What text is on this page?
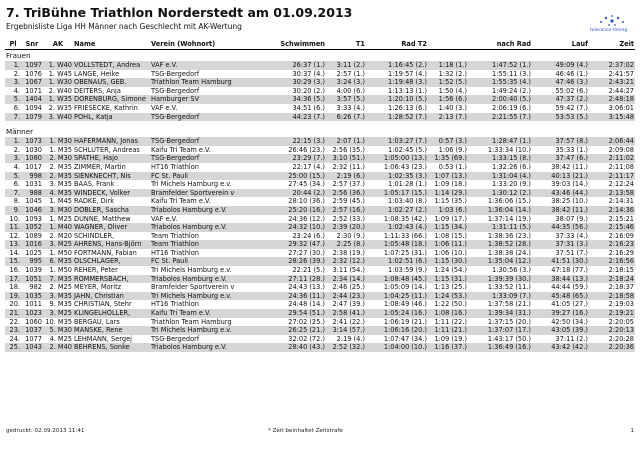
7. TriBühne Triathlon Norderstedt am 01.09.2013
Ergebnisliste Liga HH Männer nach Geschlecht mit AK-Wertung	tolerance-timing
Pl	Snr	AK	Name	Verein (Wohnort)	Schwimmen	T1	Rad T2		nach Rad	Lauf	Zeit
Frauen											
1.	1097	1. W40	VOLLSTEDT, Andrea	VAF e.V.	26:37 (1.)	3:11 (2.)	1:16:45 (2.)	1:18 (1.)	1:47:52 (1.)	49:09 (4.)	2:37:02
2.	1076	1. W45	LANGE, Heike	TSG-Bergedorf	30:37 (4.)	2:57 (1.)	1:19:57 (4.)	1:32 (2.)	1:55:11 (3.)	46:46 (1.)	2:41:57
3.	1067	1. W30	OBENAUS, GEB.	Triathlon Team Hamburg	30:29 (3.)	3:24 (3.)	1:19:48 (3.)	1:52 (5.)	1:55:35 (4.)	47:46 (3.)	2:43:21
4.	1071	2. W40	DEITERS, Anja	TSG-Bergedorf	30:20 (2.)	4:00 (6.)	1:13:13 (1.)	1:50 (4.)	1:49:24 (2.)	55:02 (6.)	2:44:27
5.	1404	1. W35	DORENBURG, Simone	Hamburger SV	34:36 (5.)	3:57 (5.)	1:20:10 (5.)	1:56 (6.)	2:00:40 (5.)	47:37 (2.)	2:48:18
6.	1094	2. W35	FRIESECKE, Kathrin	VAF e.V.	34:51 (6.)	3:33 (4.)	1:26:13 (6.)	1:40 (3.)	2:06:19 (6.)	59:42 (7.)	3:06:01
7.	1079	3. W40	POHL, Katja	TSG-Bergedorf	44:23 (7.)	6:26 (7.)	1:28:52 (7.)	2:13 (7.)	2:21:55 (7.)	53:53 (5.)	3:15:48

Männer											
1.	1073	1. M30	HAFERMANN, Jonas	TSG-Bergedorf	22:15 (3.)	2:07 (1.)	1:03:27 (7.)	0:57 (3.)	1:28:47 (1.)	37:57 (8.)	2:06:44
2.	1030	1. M35	SCHLÜTER, Andreas	Kaifu Tri Team e.V.	26:46 (23.)	2:56 (35.)	1:02:45 (5.)	1:06 (9.)	1:33:34 (10.)	35:33 (1.)	2:09:08
3.	1080	2. M30	SPÄTHE, Hajo	TSG-Bergedorf	23:29 (7.)	3:10 (51.)	1:05:00 (13.)	1:35 (69.)	1:33:15 (8.)	37:47 (6.)	2:11:02
4.	1017	2. M35	ZIMMER, Martin	HT16 Triathlon	22:17 (4.)	2:32 (11.)	1:06:43 (23.)	0:53 (1.)	1:32:26 (6.)	38:42 (11.)	2:11:08
5.	998	2. M35	SIENKNECHT, Nis	FC St. Pauli	25:00 (15.)	2:19 (6.)	1:02:35 (3.)	1:07 (13.)	1:31:04 (4.)	40:13 (21.)	2:11:17
6.	1031	3. M35	BAAS, Frank	Tri Michels Hamburg e.v.	27:45 (34.)	2:57 (37.)	1:01:28 (1.)	1:09 (18.)	1:33:20 (9.)	39:03 (14.)	2:12:24
7.	988	4. M35	WINDECK, Volker	Bramfelder Sportverein v	20:44 (2.)	2:56 (36.)	1:05:17 (15.)	1:14 (29.)	1:30:12 (2.)	43:46 (44.)	2:13:58
8.	1045	1. M45	RADKE, Dirk	Kaifu Tri Team e.V.	28:10 (36.)	2:59 (45.)	1:03:40 (8.)	1:15 (35.)	1:36:06 (15.)	38:25 (10.)	2:14:31
9.	1046	3. M30	DÖBLER, Sascha	Triabolos Hamburg e.V.	25:20 (16.)	2:57 (16.)	1:02:27 (2.)	1:03 (6.)	1:36:04 (14.)	38:42 (11.)	2:14:36
10.	1093	1. M25	DÜNNE, Matthew	VAF e.V.	24:36 (12.)	2:52 (33.)	1:08:35 (42.)	1:09 (17.)	1:37:14 (19.)	38:07 (9.)	2:15:21
11.	1052	1. M40	WAGNER, Oliver	Triabolos Hamburg e.V.	24:32 (10.)	2:39 (20.)	1:02:43 (4.)	1:15 (34.)	1:31:11 (5.)	44:35 (56.)	2:15:46
12.	1089	2. M20	SCHINDLER,	Team Triathlon	23:24 (6.)	2:30 (9.)	1:11:33 (66.)	1:08 (15.)	1:38:36 (23.)	37:33 (4.)	2:16:09
13.	1016	3. M25	AHRENS, Hans-Björn	Team Triathlon	29:32 (47.)	2:25 (8.)	1:05:48 (18.)	1:06 (11.)	1:38:52 (28.)	37:31 (3.)	2:16:23
14.	1025	1. M50	FORTMANN, Fabian	HT16 Triathlon	27:27 (30.)	2:38 (19.)	1:07:25 (31.)	1:06 (10.)	1:38:38 (24.)	37:51 (7.)	2:16:29
15.	995	6. M35	ÖLSCHLÄGER,	FC St. Pauli	28:26 (39.)	2:32 (12.)	1:02:51 (6.)	1:15 (30.)	1:35:04 (12.)	41:51 (30.)	2:16:56
16.	1039	1. M50	REHER, Peter	Tri Michels Hamburg e.v.	22:21 (5.)	3:11 (54.)	1:03:59 (9.)	1:24 (54.)	1:30:56 (3.)	47:18 (77.)	2:18:15
17.	1051	7. M35	ROMMERSBACH,	Triabolos Hamburg e.V.	27:11 (28.)	2:34 (14.)	1:08:48 (45.)	1:15 (31.)	1:39:39 (30.)	38:44 (13.)	2:18:24
18.	982	2. M25	MEYER, Moritz	Bramfelder Sportverein v	24:43 (13.)	2:46 (25.)	1:05:09 (14.)	1:13 (25.)	1:33:52 (11.)	44:44 (59.)	2:18:37
19.	1035	3. M35	JAHN, Christian	Tri Michels Hamburg e.v.	24:36 (11.)	2:44 (23.)	1:04:25 (11.)	1:24 (53.)	1:33:09 (7.)	45:48 (65.)	2:18:58
20.	1011	9. M35	CHRISTIAN, Stehr	HT16 Triathlon	24:48 (14.)	2:47 (39.)	1:08:49 (46.)	1:22 (50.)	1:37:58 (21.)	41:05 (27.)	2:19:03
21.	1023	3. M25	KLINGELHÖLLER,	Kaifu Tri Team e.V.	29:54 (51.)	2:58 (41.)	1:05:24 (16.)	1:08 (16.)	1:39:34 (31.)	39:27 (16.)	2:19:21
22.	1060	10. M35	BERGAU, Lars	Triathlon Team Hamburg	27:02 (25.)	2:41 (22.)	1:06:19 (21.)	1:11 (22.)	1:37:15 (20.)	42:50 (34.)	2:20:05
23.	1037	5. M30	MANSKE, Rene	Tri Michels Hamburg e.v.	26:25 (21.)	3:14 (57.)	1:06:16 (20.)	1:11 (21.)	1:37:07 (17.)	43:05 (39.)	2:20:13
24.	1077	4. M25	LEHMANN, Sergej	TSG-Bergedorf	32:02 (72.)	2:19 (4.)	1:07:47 (34.)	1:09 (19.)	1:43:17 (50.)	37:11 (2.)	2:20:28
25.	1043	2. M40	BEHRENS, Sonke	Triabolos Hamburg e.V.	28:40 (43.)	2:52 (32.)	1:04:00 (10.)	1:16 (37.)	1:36:49 (16.)	43:42 (42.)	2:20:36
gedruckt: 02.09.2013 11:41	* Zeit beinhaltet Zeitstrafe	1
